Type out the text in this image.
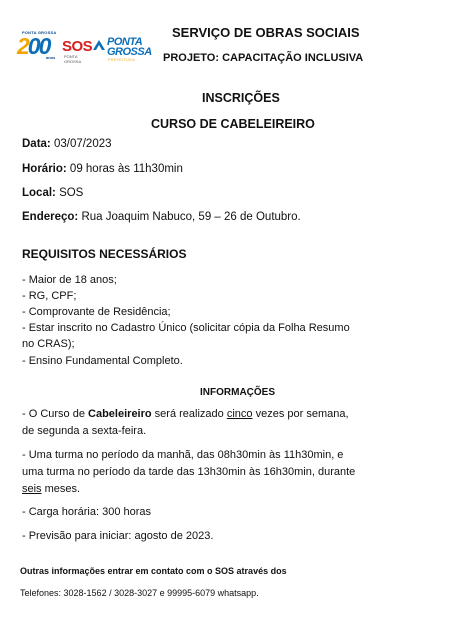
PONTA GROSSA
200
anos
SOS
PONTA GROSSA
PONTA
GROSSA
PREFEITURA

SERVIÇO DE OBRAS SOCIAIS

PROJETO: CAPACITAÇÃO INCLUSIVA

INSCRIÇÕES

CURSO DE CABELEIREIRO

Data: 03/07/2023

Horário: 09 horas às 11h30min

Local: SOS

Endereço: Rua Joaquim Nabuco, 59 – 26 de Outubro.

REQUISITOS NECESSÁRIOS

- Maior de 18 anos;

- RG, CPF;

- Comprovante de Residência;

- Estar inscrito no Cadastro Único (solicitar cópia da Folha Resumo

no CRAS);

- Ensino Fundamental Completo.

INFORMAÇÕES

- O Curso de Cabeleireiro será realizado cinco vezes por semana,

de segunda a sexta-feira.

- Uma turma no período da manhã, das 08h30min às 11h30min, e

uma turma no período da tarde das 13h30min às 16h30min, durante

seis meses.

- Carga horária: 300 horas

- Previsão para iniciar: agosto de 2023.

Outras informações entrar em contato com o SOS através dos

Telefones: 3028-1562 / 3028-3027 e 99995-6079 whatsapp.
